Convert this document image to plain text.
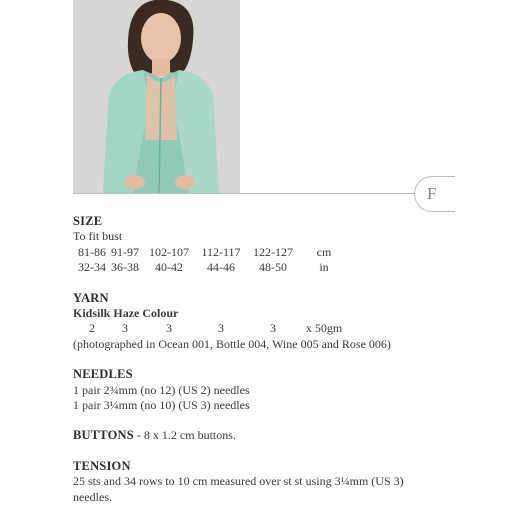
F
SIZE
To fit bust
81-86	91-97	102-107	112-117	122-127	cm
32-34	36-38	40-42	44-46	48-50	in
YARN
Kidsilk Haze Colour
2	3	3	3	3	x 50gm
(photographed in Ocean 001, Bottle 004, Wine 005 and Rose 006)
NEEDLES
1 pair 2¾mm (no 12) (US 2) needles
1 pair 3¼mm (no 10) (US 3) needles
BUTTONS - 8 x 1.2 cm buttons.
TENSION
25 sts and 34 rows to 10 cm measured over st st using 3¼mm (US 3) needles.
